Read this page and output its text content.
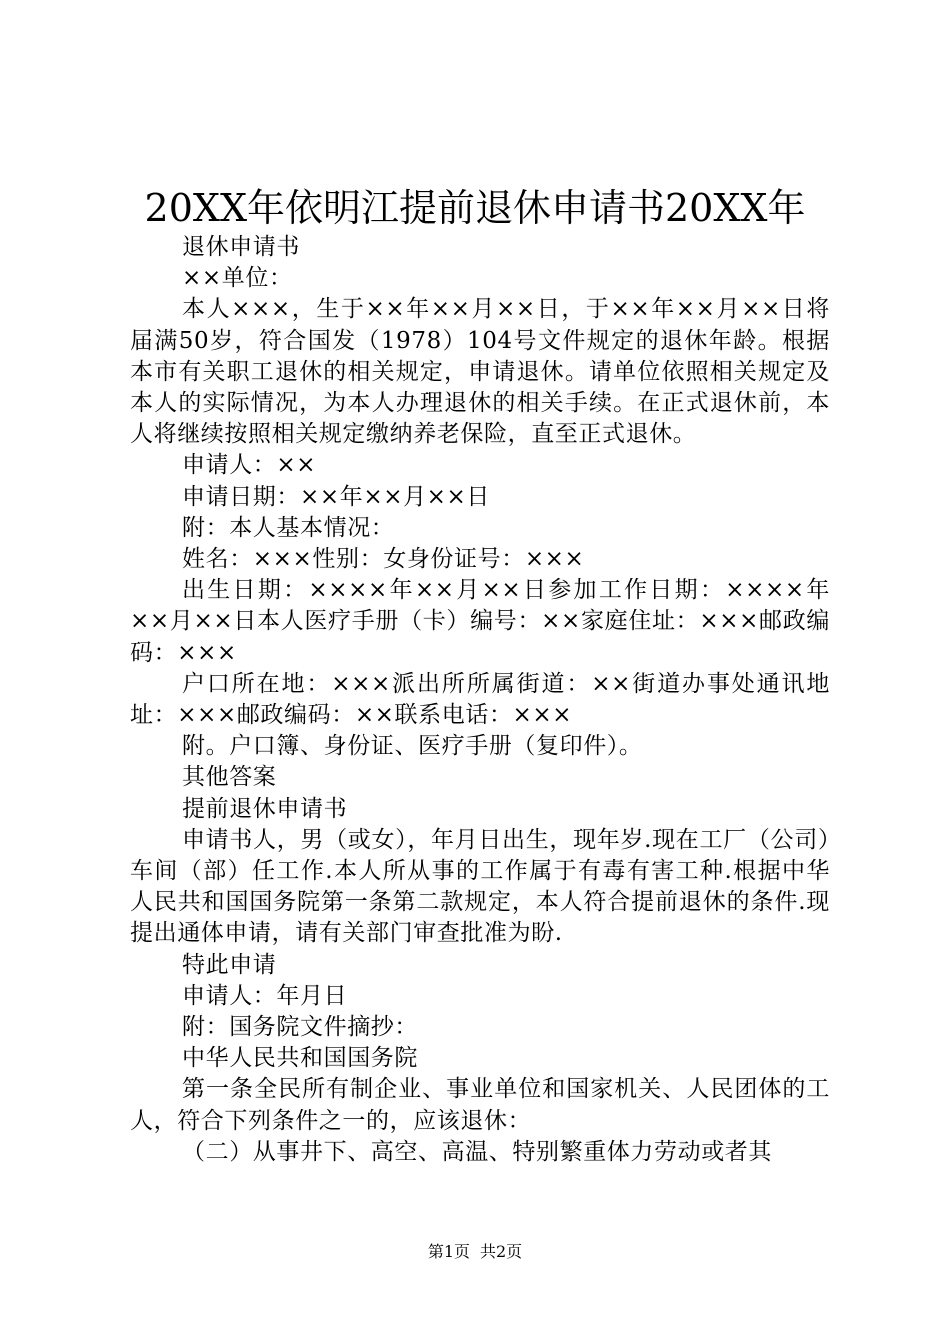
20XX年依明江提前退休申请书20XX年

退休申请书

××单位：

本人×××，生于××年××月××日，于××年××月××日将届满50岁，符合国发（1978）104号文件规定的退休年龄。根据本市有关职工退休的相关规定，申请退休。请单位依照相关规定及本人的实际情况，为本人办理退休的相关手续。在正式退休前，本人将继续按照相关规定缴纳养老保险，直至正式退休。

申请人：××

申请日期：××年××月××日

附：本人基本情况：

姓名：×××性别：女身份证号：×××

出生日期：××××年××月××日参加工作日期：××××年××月××日本人医疗手册（卡）编号：××家庭住址：×××邮政编码：×××

户口所在地：×××派出所所属街道：××街道办事处通讯地址：×××邮政编码：××联系电话：×××

附。户口簿、身份证、医疗手册（复印件）。

其他答案

提前退休申请书

申请书人，男（或女），年月日出生，现年岁.现在工厂（公司）车间（部）任工作.本人所从事的工作属于有毒有害工种.根据中华人民共和国国务院第一条第二款规定，本人符合提前退休的条件.现提出通体申请，请有关部门审查批准为盼.

特此申请

申请人：年月日

附：国务院文件摘抄：

中华人民共和国国务院

第一条全民所有制企业、事业单位和国家机关、人民团体的工人，符合下列条件之一的，应该退休：

（二）从事井下、高空、高温、特别繁重体力劳动或者其

第1页 共2页
